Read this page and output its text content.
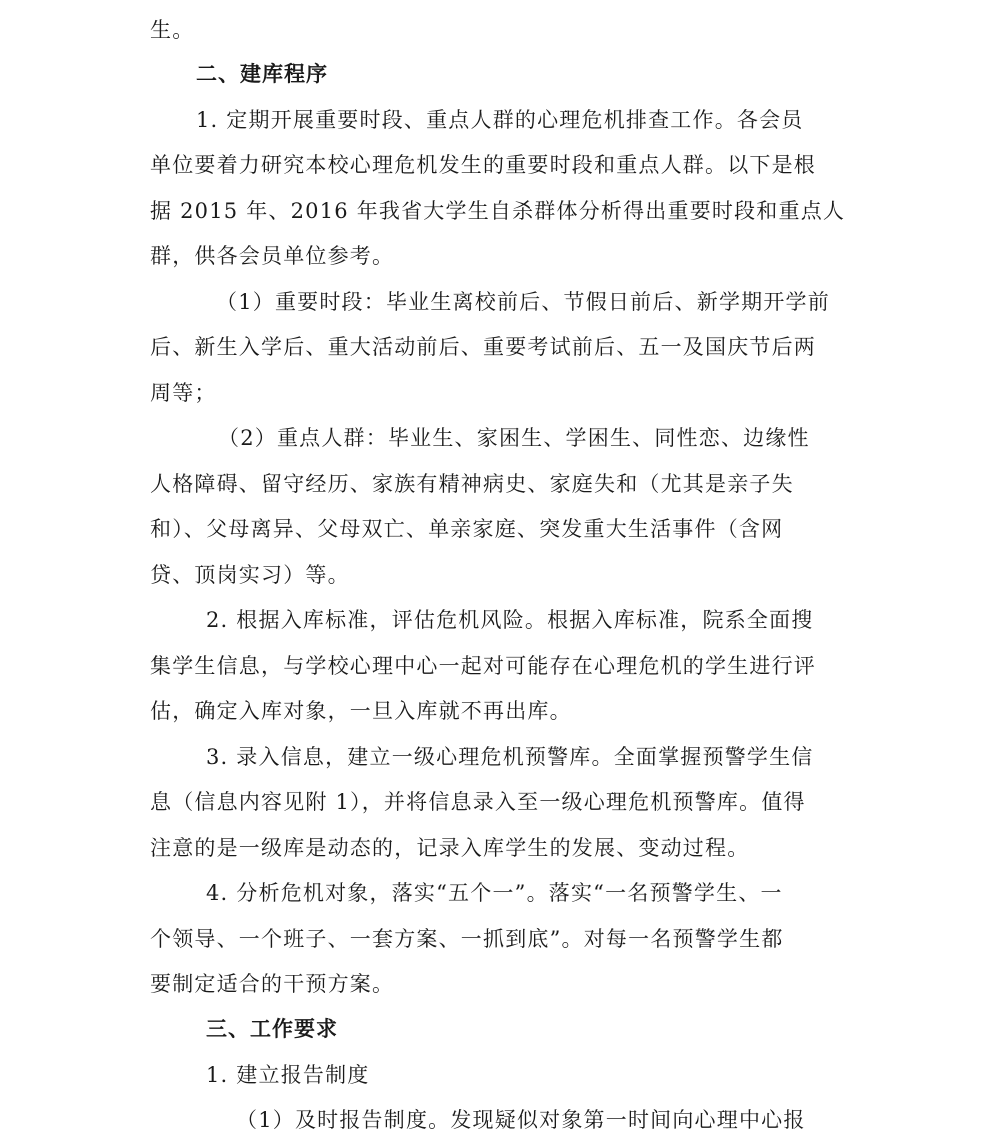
生。
二、建库程序
1. 定期开展重要时段、重点人群的心理危机排查工作。各会员
单位要着力研究本校心理危机发生的重要时段和重点人群。以下是根
据 2015 年、2016 年我省大学生自杀群体分析得出重要时段和重点人
群，供各会员单位参考。
（1）重要时段：毕业生离校前后、节假日前后、新学期开学前
后、新生入学后、重大活动前后、重要考试前后、五一及国庆节后两
周等；
（2）重点人群：毕业生、家困生、学困生、同性恋、边缘性
人格障碍、留守经历、家族有精神病史、家庭失和（尤其是亲子失
和）、父母离异、父母双亡、单亲家庭、突发重大生活事件（含网
贷、顶岗实习）等。
2. 根据入库标准，评估危机风险。根据入库标准，院系全面搜
集学生信息，与学校心理中心一起对可能存在心理危机的学生进行评
估，确定入库对象，一旦入库就不再出库。
3. 录入信息，建立一级心理危机预警库。全面掌握预警学生信
息（信息内容见附 1），并将信息录入至一级心理危机预警库。值得
注意的是一级库是动态的，记录入库学生的发展、变动过程。
4. 分析危机对象，落实“五个一”。落实“一名预警学生、一
个领导、一个班子、一套方案、一抓到底”。对每一名预警学生都
要制定适合的干预方案。
三、工作要求
1. 建立报告制度
（1）及时报告制度。发现疑似对象第一时间向心理中心报
